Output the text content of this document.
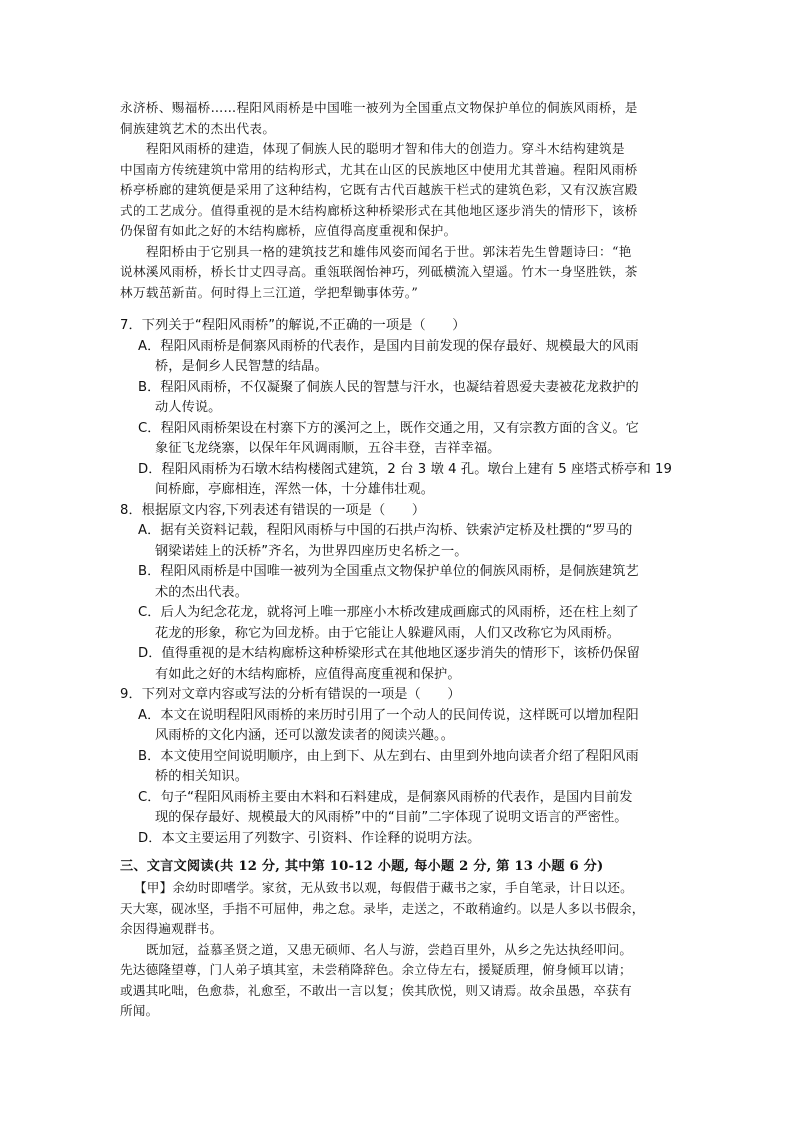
永济桥、赐福桥……程阳风雨桥是中国唯一被列为全国重点文物保护单位的侗族风雨桥，是
侗族建筑艺术的杰出代表。
程阳风雨桥的建造，体现了侗族人民的聪明才智和伟大的创造力。穿斗木结构建筑是
中国南方传统建筑中常用的结构形式，尤其在山区的民族地区中使用尤其普遍。程阳风雨桥
桥亭桥廊的建筑便是采用了这种结构，它既有古代百越族干栏式的建筑色彩，又有汉族宫殿
式的工艺成分。值得重视的是木结构廊桥这种桥梁形式在其他地区逐步消失的情形下，该桥
仍保留有如此之好的木结构廊桥，应值得高度重视和保护。
程阳桥由于它别具一格的建筑技艺和雄伟风姿而闻名于世。郭沫若先生曾题诗曰：“艳
说林溪风雨桥，桥长廿丈四寻高。重瓴联阁怡神巧，列砥横流入望遥。竹木一身坚胜铁，茶
林万载茁新苗。何时得上三江道，学把犁锄事体劳。”
7．下列关于“程阳风雨桥”的解说,不正确的一项是（　　）
A．程阳风雨桥是侗寨风雨桥的代表作，是国内目前发现的保存最好、规模最大的风雨
桥，是侗乡人民智慧的结晶。
B．程阳风雨桥，不仅凝聚了侗族人民的智慧与汗水，也凝结着恩爱夫妻被花龙救护的
动人传说。
C．程阳风雨桥架设在村寨下方的溪河之上，既作交通之用，又有宗教方面的含义。它
象征飞龙绕寨，以保年年风调雨顺，五谷丰登，吉祥幸福。
D．程阳风雨桥为石墩木结构楼阁式建筑，2 台 3 墩 4 孔。墩台上建有 5 座塔式桥亭和 19
间桥廊，亭廊相连，浑然一体，十分雄伟壮观。
8．根据原文内容,下列表述有错误的一项是（　　）
A．据有关资料记载，程阳风雨桥与中国的石拱卢沟桥、铁索泸定桥及杜撰的“罗马的
钢梁诺娃上的沃桥”齐名，为世界四座历史名桥之一。
B．程阳风雨桥是中国唯一被列为全国重点文物保护单位的侗族风雨桥，是侗族建筑艺
术的杰出代表。
C．后人为纪念花龙，就将河上唯一那座小木桥改建成画廊式的风雨桥，还在柱上刻了
花龙的形象，称它为回龙桥。由于它能让人躲避风雨，人们又改称它为风雨桥。
D．值得重视的是木结构廊桥这种桥梁形式在其他地区逐步消失的情形下，该桥仍保留
有如此之好的木结构廊桥，应值得高度重视和保护。
9．下列对文章内容或写法的分析有错误的一项是（　　）
A．本文在说明程阳风雨桥的来历时引用了一个动人的民间传说，这样既可以增加程阳
风雨桥的文化内涵，还可以激发读者的阅读兴趣。。
B．本文使用空间说明顺序，由上到下、从左到右、由里到外地向读者介绍了程阳风雨
桥的相关知识。
C．句子“程阳风雨桥主要由木料和石料建成，是侗寨风雨桥的代表作，是国内目前发
现的保存最好、规模最大的风雨桥”中的“目前”二字体现了说明文语言的严密性。
D．本文主要运用了列数字、引资料、作诠释的说明方法。
三、文言文阅读(共 12 分, 其中第 10-12 小题, 每小题 2 分, 第 13 小题 6 分)
【甲】余幼时即嗜学。家贫，无从致书以观，每假借于藏书之家，手自笔录，计日以还。
天大寒，砚冰坚，手指不可屈伸，弗之怠。录毕，走送之，不敢稍逾约。以是人多以书假余，
余因得遍观群书。
既加冠，益慕圣贤之道，又患无硕师、名人与游，尝趋百里外，从乡之先达执经叩问。
先达德隆望尊，门人弟子填其室，未尝稍降辞色。余立侍左右，援疑质理，俯身倾耳以请；
或遇其叱咄，色愈恭，礼愈至，不敢出一言以复；俟其欣悦，则又请焉。故余虽愚，卒获有
所闻。
